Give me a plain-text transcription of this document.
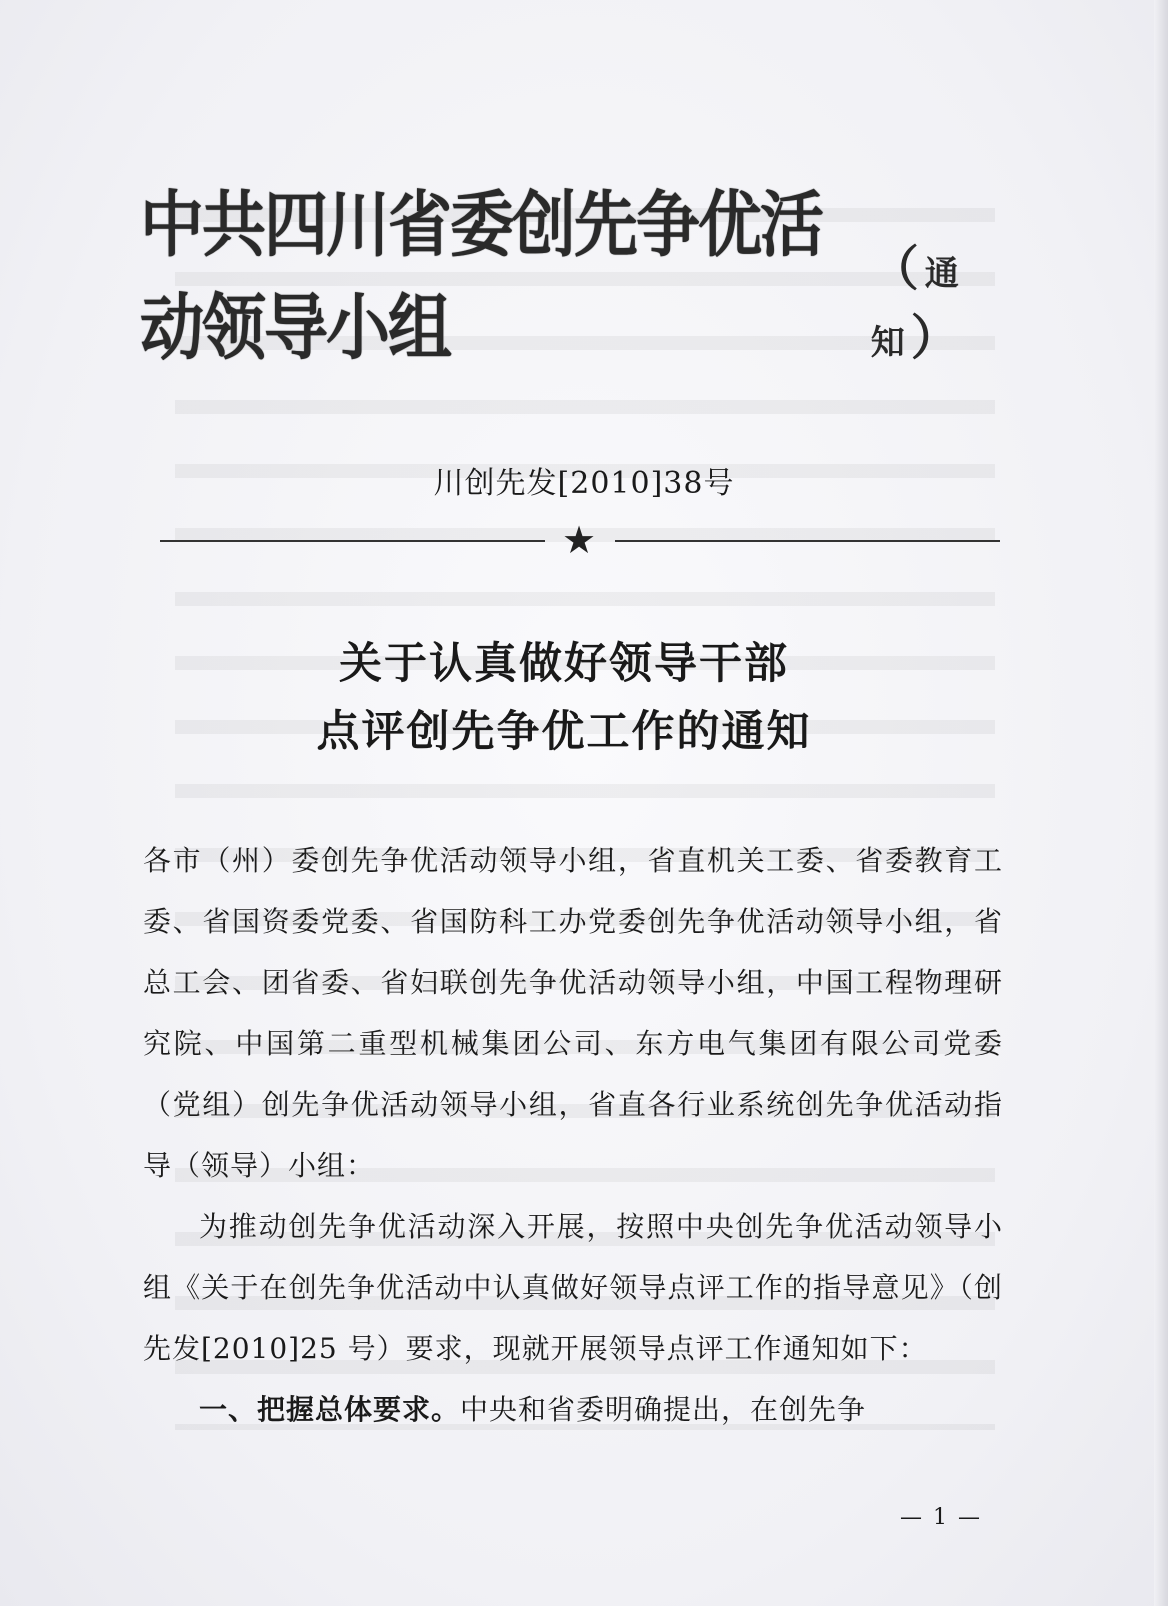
中共四川省委创先争优活动领导小组
（ 通知 ）
川创先发[2010]38号
★
关于认真做好领导干部
点评创先争优工作的通知

各市（州）委创先争优活动领导小组，省直机关工委、省委教育工委、省国资委党委、省国防科工办党委创先争优活动领导小组，省总工会、团省委、省妇联创先争优活动领导小组，中国工程物理研究院、中国第二重型机械集团公司、东方电气集团有限公司党委（党组）创先争优活动领导小组，省直各行业系统创先争优活动指导（领导）小组：

为推动创先争优活动深入开展，按照中央创先争优活动领导小组《关于在创先争优活动中认真做好领导点评工作的指导意见》（创先发[2010]25 号）要求，现就开展领导点评工作通知如下：

一、把握总体要求。中央和省委明确提出，在创先争

— 1 —
